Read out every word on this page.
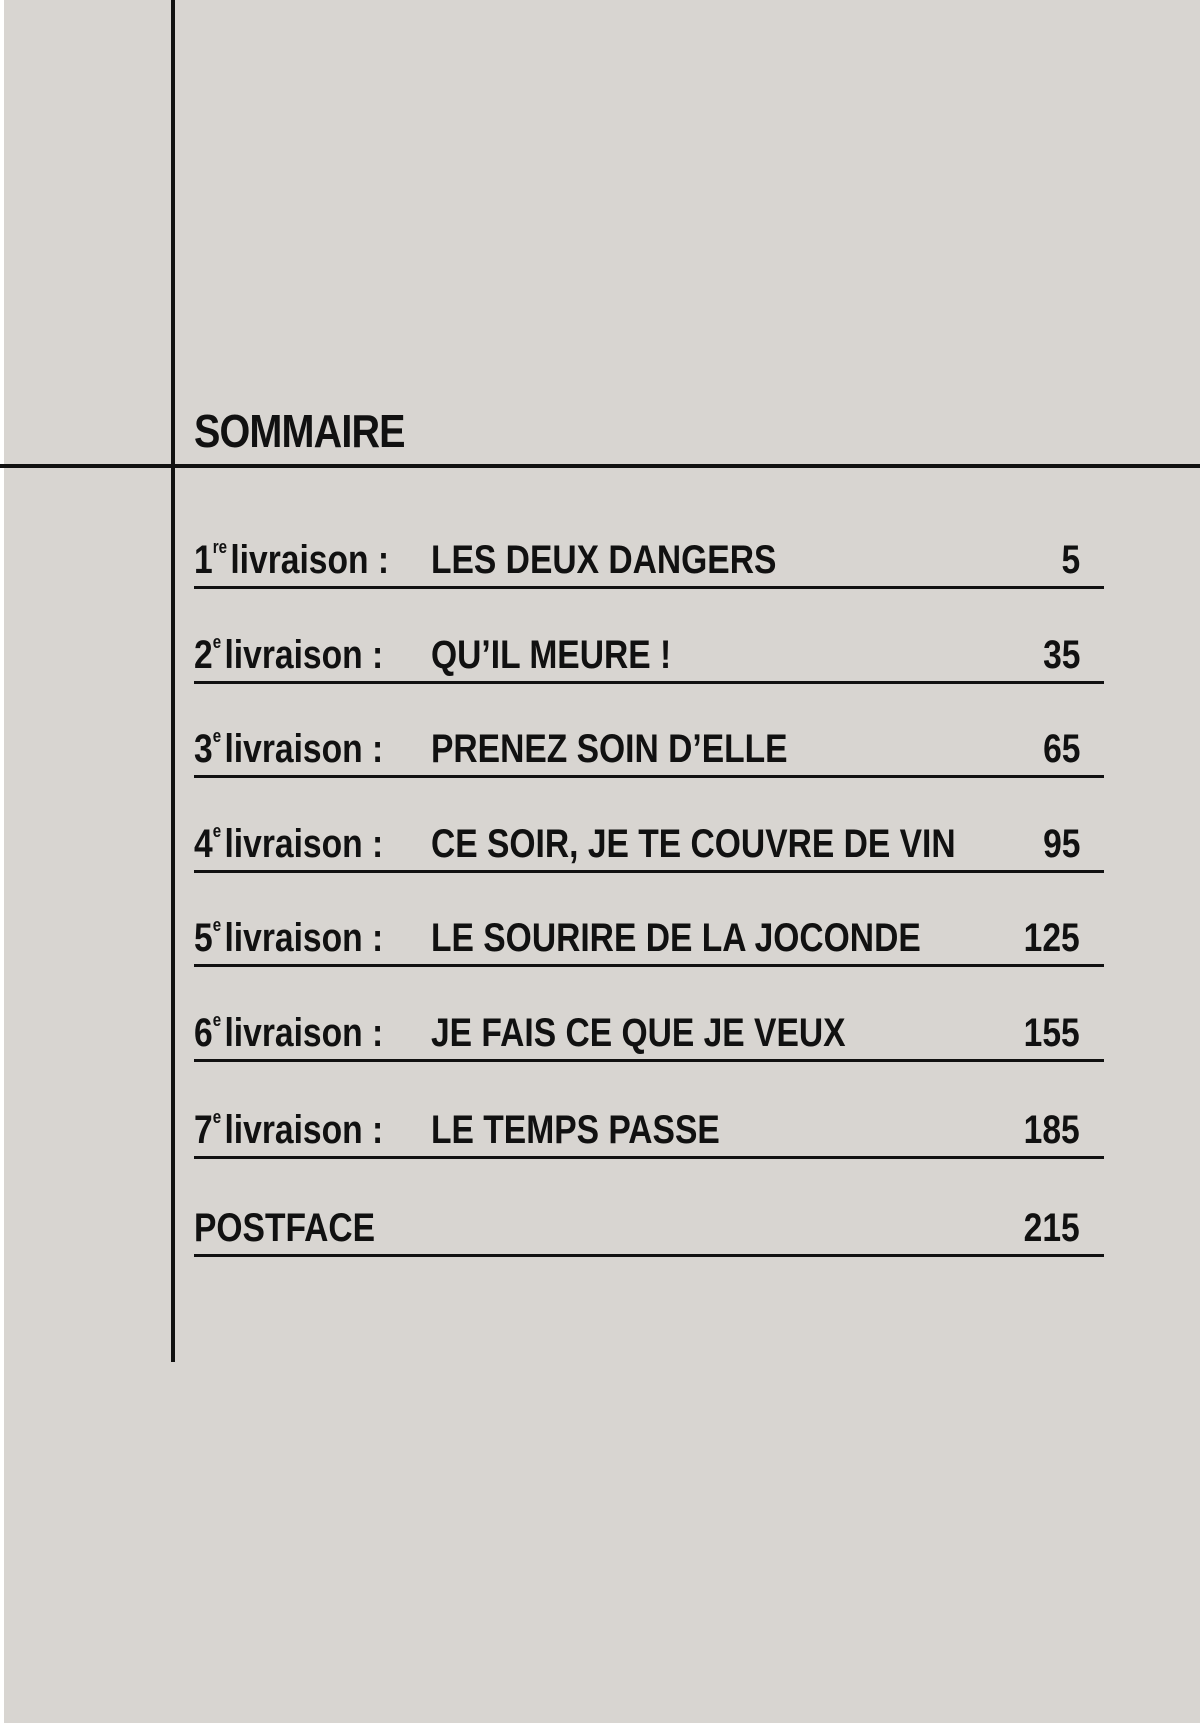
SOMMAIRE
1relivraison : LES DEUX DANGERS	5
2elivraison : QU’IL MEURE !	35
3elivraison : PRENEZ SOIN D’ELLE	65
4elivraison : CE SOIR, JE TE COUVRE DE VIN 95
5elivraison : LE SOURIRE DE LA JOCONDE	125
6elivraison : JE FAIS CE QUE JE VEUX	155
7elivraison : LE TEMPS PASSE	185
POSTFACE	215
